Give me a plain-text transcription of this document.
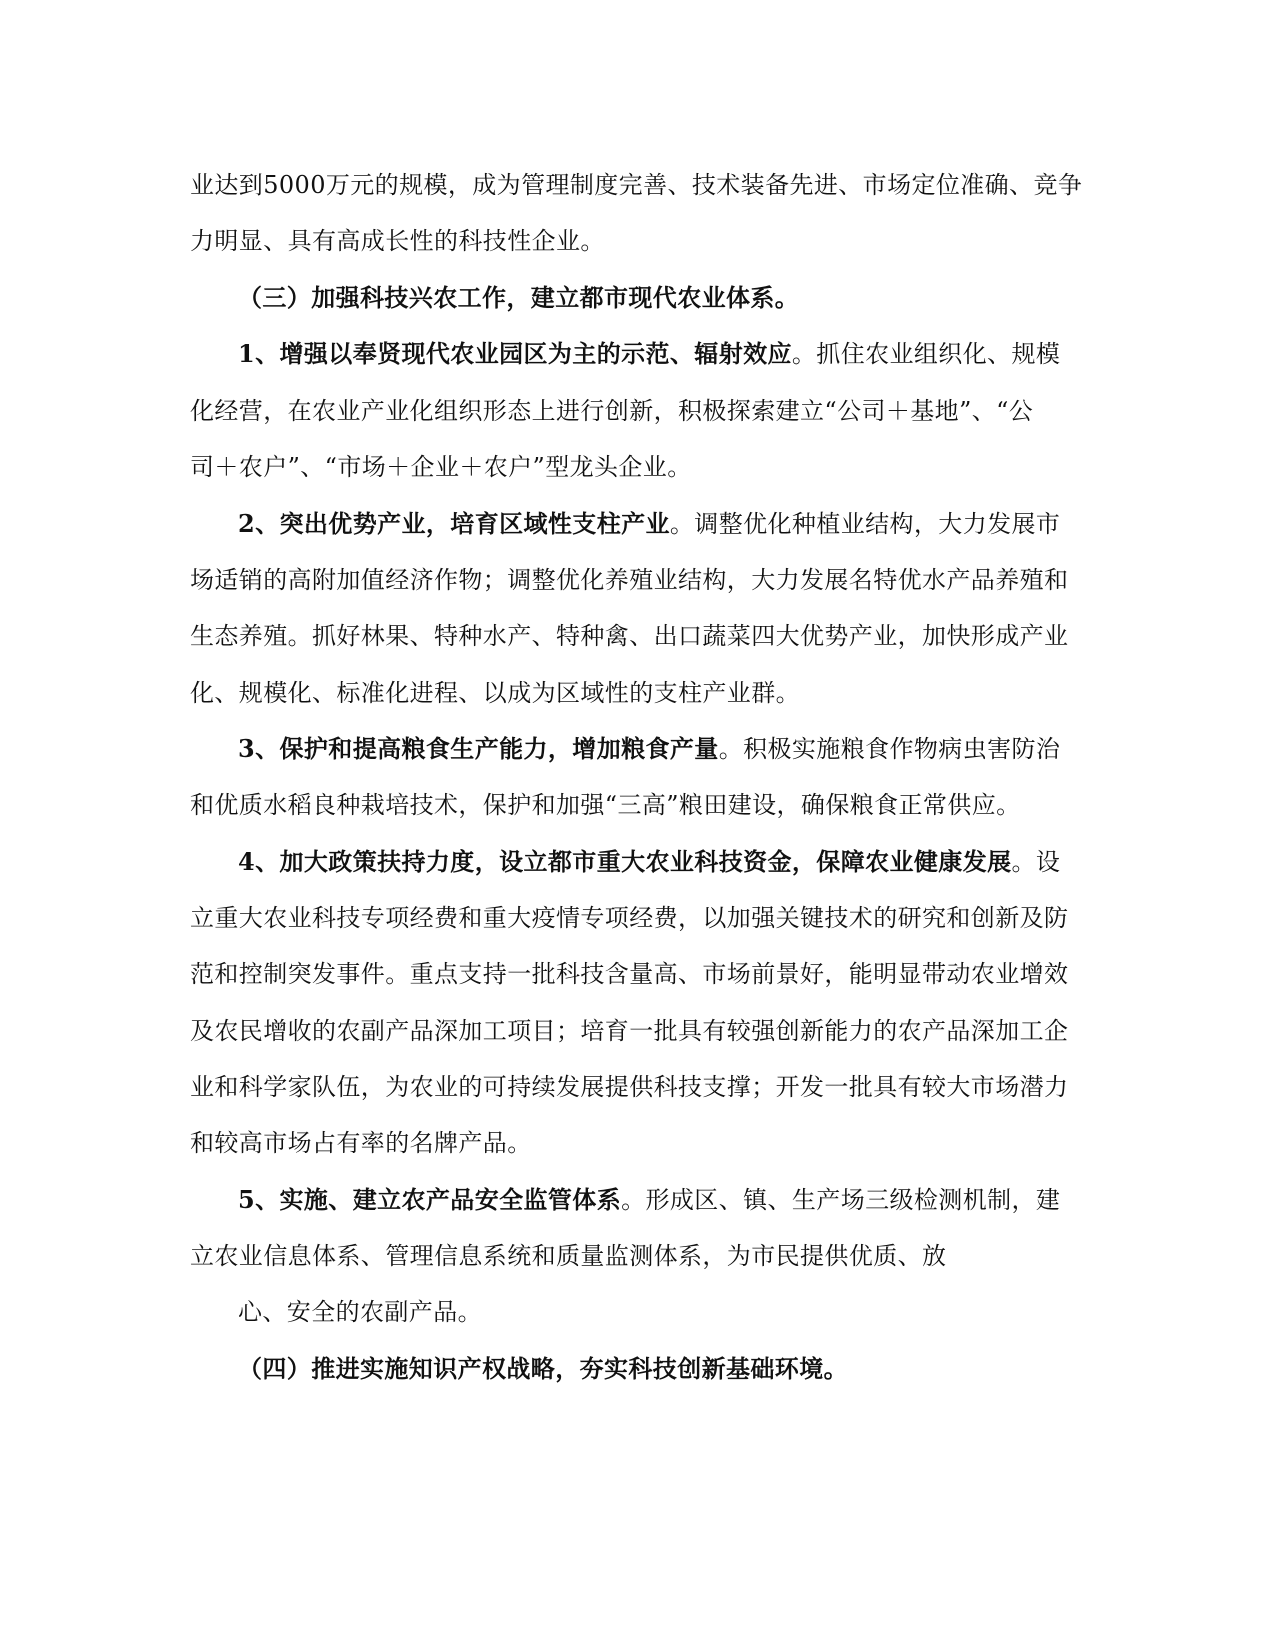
业达到5000万元的规模，成为管理制度完善、技术装备先进、市场定位准确、竞争
力明显、具有高成长性的科技性企业。
（三）加强科技兴农工作，建立都市现代农业体系。
1、增强以奉贤现代农业园区为主的示范、辐射效应。抓住农业组织化、规模
化经营，在农业产业化组织形态上进行创新，积极探索建立“公司＋基地”、“公
司＋农户”、“市场＋企业＋农户”型龙头企业。
2、突出优势产业，培育区域性支柱产业。调整优化种植业结构，大力发展市
场适销的高附加值经济作物；调整优化养殖业结构，大力发展名特优水产品养殖和
生态养殖。抓好林果、特种水产、特种禽、出口蔬菜四大优势产业，加快形成产业
化、规模化、标准化进程、以成为区域性的支柱产业群。
3、保护和提高粮食生产能力，增加粮食产量。积极实施粮食作物病虫害防治
和优质水稻良种栽培技术，保护和加强“三高”粮田建设，确保粮食正常供应。
4、加大政策扶持力度，设立都市重大农业科技资金，保障农业健康发展。设
立重大农业科技专项经费和重大疫情专项经费，以加强关键技术的研究和创新及防
范和控制突发事件。重点支持一批科技含量高、市场前景好，能明显带动农业增效
及农民增收的农副产品深加工项目；培育一批具有较强创新能力的农产品深加工企
业和科学家队伍，为农业的可持续发展提供科技支撑；开发一批具有较大市场潜力
和较高市场占有率的名牌产品。
5、实施、建立农产品安全监管体系。形成区、镇、生产场三级检测机制，建
立农业信息体系、管理信息系统和质量监测体系，为市民提供优质、放
心、安全的农副产品。
（四）推进实施知识产权战略，夯实科技创新基础环境。
